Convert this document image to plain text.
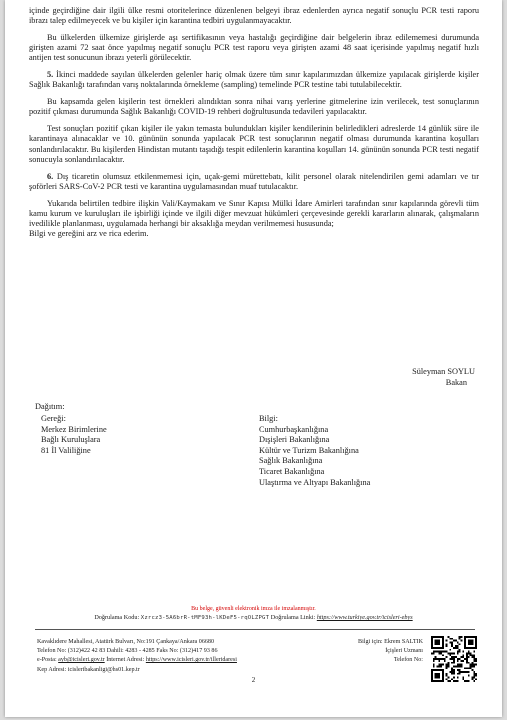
içinde geçirdiğine dair ilgili ülke resmi otoritelerince düzenlenen belgeyi ibraz edenlerden ayrıca negatif sonuçlu PCR testi raporu ibrazı talep edilmeyecek ve bu kişiler için karantina tedbiri uygulanmayacaktır.

Bu ülkelerden ülkemize girişlerde aşı sertifikasının veya hastalığı geçirdiğine dair belgelerin ibraz edilememesi durumunda girişten azami 72 saat önce yapılmış negatif sonuçlu PCR test raporu veya girişten azami 48 saat içerisinde yapılmış negatif hızlı antijen test sonucunun ibrazı yeterli görülecektir.

5. İkinci maddede sayılan ülkelerden gelenler hariç olmak üzere tüm sınır kapılarımızdan ülkemize yapılacak girişlerde kişiler Sağlık Bakanlığı tarafından varış noktalarında örnekleme (sampling) temelinde PCR testine tabi tutulabilecektir.

Bu kapsamda gelen kişilerin test örnekleri alındıktan sonra nihai varış yerlerine gitmelerine izin verilecek, test sonuçlarının pozitif çıkması durumunda Sağlık Bakanlığı COVID-19 rehberi doğrultusunda tedavileri yapılacaktır.

Test sonuçları pozitif çıkan kişiler ile yakın temasta bulundukları kişiler kendilerinin belirledikleri adreslerde 14 günlük süre ile karantinaya alınacaklar ve 10. gününün sonunda yapılacak PCR test sonuçlarının negatif olması durumunda karantina koşulları sonlandırılacaktır. Bu kişilerden Hindistan mutantı taşıdığı tespit edilenlerin karantina koşulları 14. gününün sonunda PCR testi negatif sonucuyla sonlandırılacaktır.

6. Dış ticaretin olumsuz etkilenmemesi için, uçak-gemi mürettebatı, kilit personel olarak nitelendirilen gemi adamları ve tır şoförleri SARS-CoV-2 PCR testi ve karantina uygulamasından muaf tutulacaktır.

Yukarıda belirtilen tedbire ilişkin Vali/Kaymakam ve Sınır Kapısı Mülki İdare Amirleri tarafından sınır kapılarında görevli tüm kamu kurum ve kuruluşları ile işbirliği içinde ve ilgili diğer mevzuat hükümleri çerçevesinde gerekli kararların alınarak, çalışmaların ivedilikle planlanması, uygulamada herhangi bir aksaklığa meydan verilmemesi hususunda;
Bilgi ve gereğini arz ve rica ederim.

Süleyman SOYLU
Bakan
Dağıtım:
Gereği:
Merkez Birimlerine
Bağlı Kuruluşlara
81 İl Valiliğine
Bilgi:
Cumhurbaşkanlığına
Dışişleri Bakanlığına
Kültür ve Turizm Bakanlığına
Sağlık Bakanlığına
Ticaret Bakanlığına
Ulaştırma ve Altyapı Bakanlığına
Bu belge, güvenli elektronik imza ile imzalanmıştır.
Doğrulama Kodu: Xzrcz3-5A6brR-tMF93h-lKDeF5-rqOLZPGT Doğrulama Linki: https://www.turkiye.gov.tr/icisleri-ebys
Kavaklıdere Mahallesi, Atatürk Bulvarı, No:191 Çankaya/Ankara 06680
Telefon No: (312)422 42 83 Dahili: 4283 - 4285 Faks No: (312)417 93 86
e-Posta: ayb@icisleri.gov.tr İnternet Adresi: https://www.icisleri.gov.tr/illeridaresi
Kep Adresi: icisleribakanligi@hs01.kep.tr
Bilgi için: Ekrem SALTIK
İçişleri Uzmanı
Telefon No:
2
